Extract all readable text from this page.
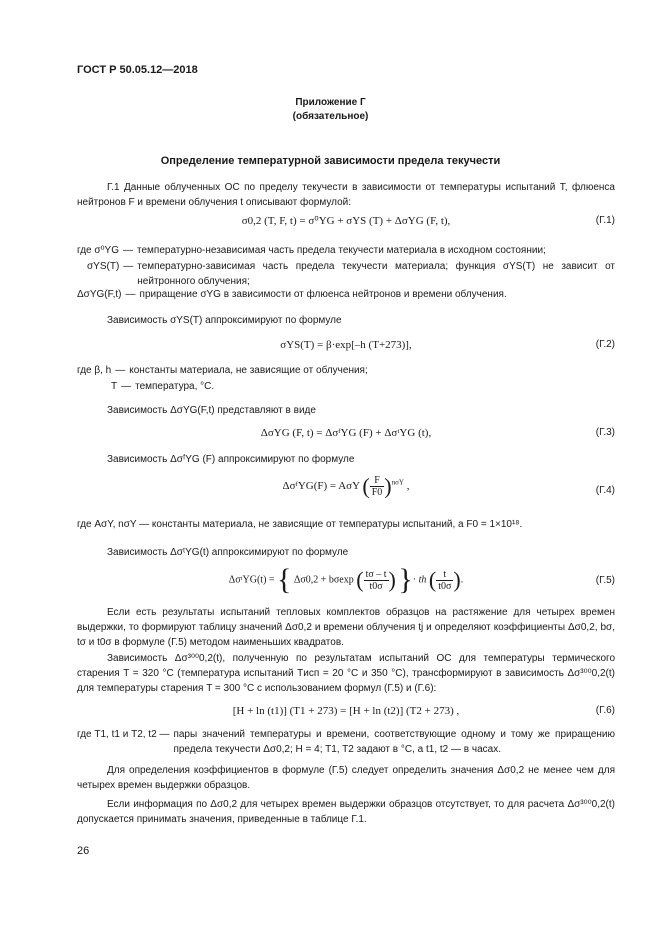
ГОСТ Р 50.05.12—2018
Приложение Г
(обязательное)
Определение температурной зависимости предела текучести
Г.1 Данные облученных ОС по пределу текучести в зависимости от температуры испытаний T, флюенса нейтронов F и времени облучения t описывают формулой:
σ0,2 (T, F, t) = σ⁰YG + σYS (T) + ΔσYG (F, t),	(Г.1)
где σ⁰YG — температурно-независимая часть предела текучести материала в исходном состоянии;
σYS(T) — температурно-зависимая часть предела текучести материала; функция σYS(T) не зависит от нейтронного облучения;
ΔσYG(F,t) — приращение σYG в зависимости от флюенса нейтронов и времени облучения.
Зависимость σYS(T) аппроксимируют по формуле
σYS(T) = β·exp[–h (T+273)],	(Г.2)
где β, h — константы материала, не зависящие от облучения;
T — температура, °С.
Зависимость ΔσYG(F,t) представляют в виде
ΔσYG (F, t) = ΔσᶠYG (F) + ΔσᵗYG (t),	(Г.3)
Зависимость ΔσᶠYG (F) аппроксимируют по формуле
ΔσᶠYG(F) = AσY ( $\frac{F}{F0} )^{n\sigma Y}$ ,	(Г.4)
где AσY, nσY — константы материала, не зависящие от температуры испытаний, а F0 = 1×10¹⁸.
Зависимость ΔσᵗYG(t) аппроксимируют по формуле
ΔσᵗYG(t) = { Δσ0,2 + bσexp ( $\frac{t\sigma - t}{t0\sigma}$ ) }· th ( $\frac{t}{t0\sigma}$ ).	(Г.5)
Если есть результаты испытаний тепловых комплектов образцов на растяжение для четырех времен выдержки, то формируют таблицу значений Δσ0,2 и времени облучения tj и определяют коэффициенты Δσ0,2, bσ, tσ и t0σ в формуле (Г.5) методом наименьших квадратов.
Зависимость Δσ³⁰⁰0,2(t), полученную по результатам испытаний ОС для температуры термического старения T = 320 °С (температура испытаний Tисп = 20 °С и 350 °С), трансформируют в зависимость Δσ³⁰⁰0,2(t) для температуры старения T = 300 °С с использованием формул (Г.5) и (Г.6):
[H + ln (t1)] (T1 + 273) = [H + ln (t2)] (T2 + 273) ,	(Г.6)
где T1, t1 и T2, t2 — пары значений температуры и времени, соответствующие одному и тому же приращению предела текучести Δσ0,2; H = 4; T1, T2 задают в °С, а t1, t2 — в часах.
Для определения коэффициентов в формуле (Г.5) следует определить значения Δσ0,2 не менее чем для четырех времен выдержки образцов.
Если информация по Δσ0,2 для четырех времен выдержки образцов отсутствует, то для расчета Δσ³⁰⁰0,2(t) допускается принимать значения, приведенные в таблице Г.1.
26
